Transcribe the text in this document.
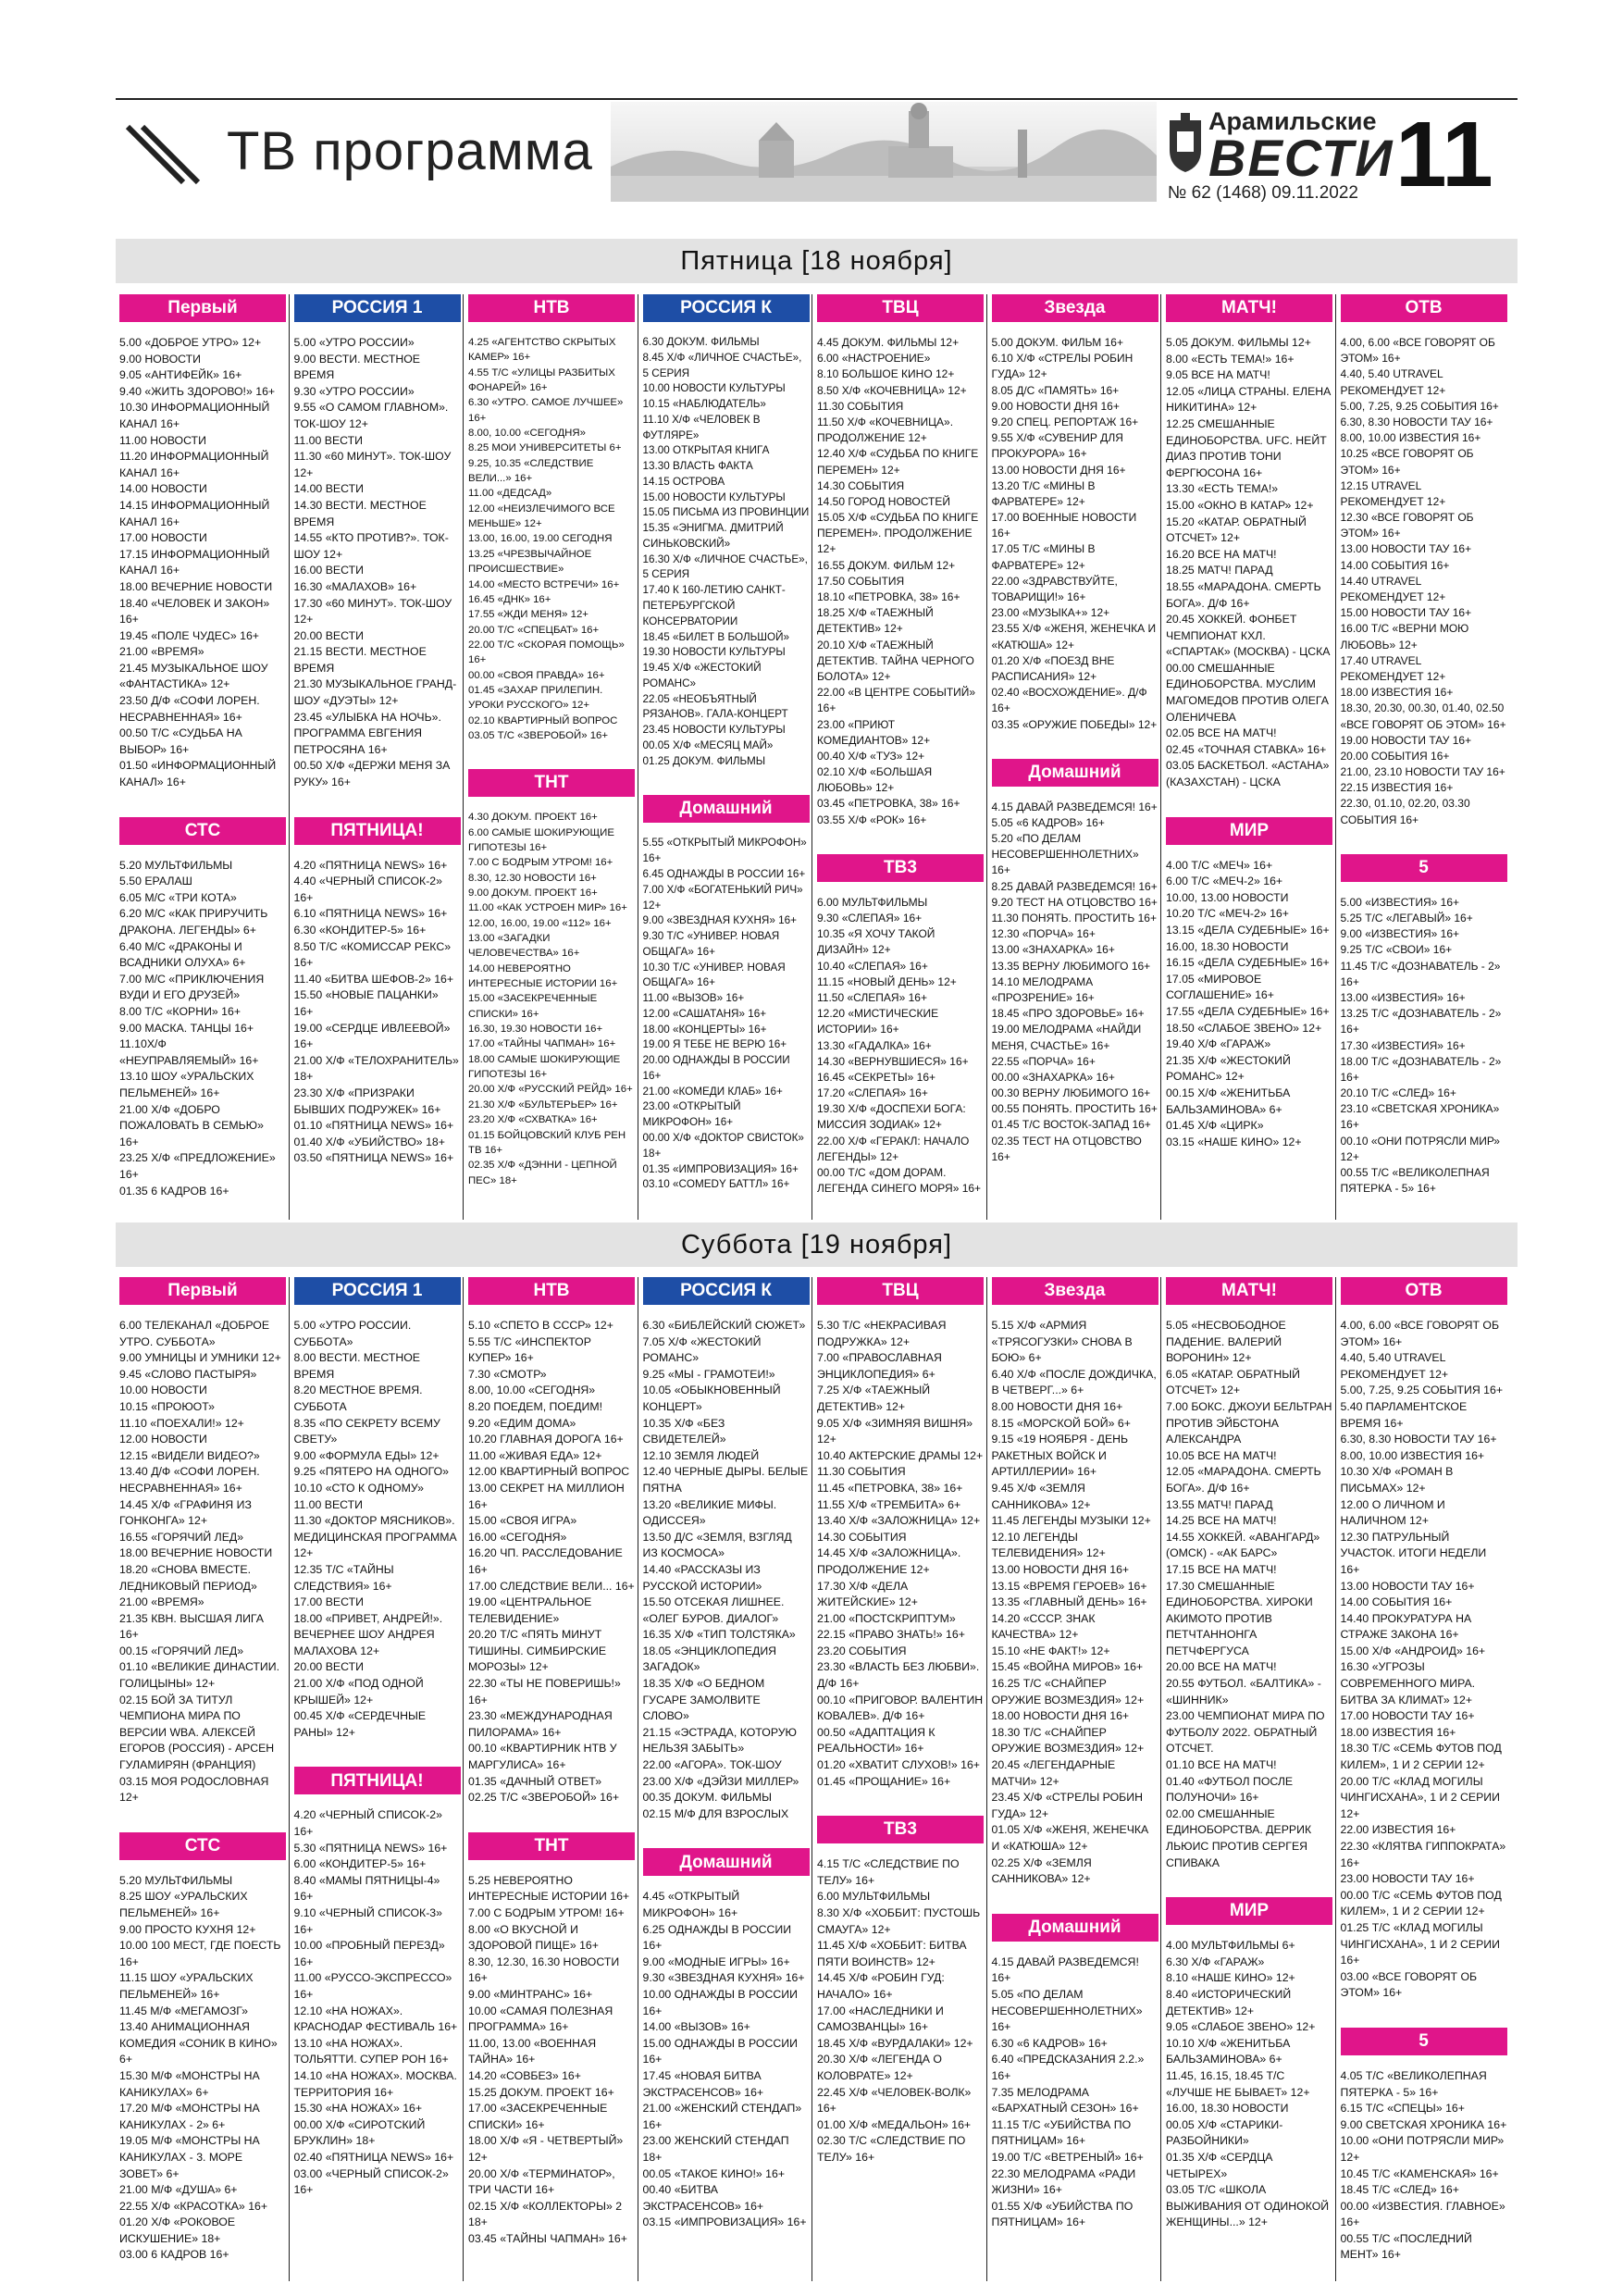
ТВ программа	Арамильские
ВЕСТИ 11
№ 62 (1468) 09.11.2022
Пятница [18 ноября]
Первый
5.00 «ДОБРОЕ УТРО» 12+
9.00 НОВОСТИ
9.05 «АНТИФЕЙК» 16+
9.40 «ЖИТЬ ЗДОРОВО!» 16+
10.30 ИНФОРМАЦИОННЫЙ КАНАЛ 16+
11.00 НОВОСТИ
11.20 ИНФОРМАЦИОННЫЙ КАНАЛ 16+
14.00 НОВОСТИ
14.15 ИНФОРМАЦИОННЫЙ КАНАЛ 16+
17.00 НОВОСТИ
17.15 ИНФОРМАЦИОННЫЙ КАНАЛ 16+
18.00 ВЕЧЕРНИЕ НОВОСТИ
18.40 «ЧЕЛОВЕК И ЗАКОН» 16+
19.45 «ПОЛЕ ЧУДЕС» 16+
21.00 «ВРЕМЯ»
21.45 МУЗЫКАЛЬНОЕ ШОУ «ФАНТАСТИКА» 12+
23.50 Д/Ф «СОФИ ЛОРЕН. НЕСРАВНЕННАЯ» 16+
00.50 Т/С «СУДЬБА НА ВЫБОР» 16+
01.50 «ИНФОРМАЦИОННЫЙ КАНАЛ» 16+
СТС
5.20 МУЛЬТФИЛЬМЫ
5.50 ЕРАЛАШ
6.05 М/С «ТРИ КОТА»
6.20 М/С «КАК ПРИРУЧИТЬ ДРАКОНА. ЛЕГЕНДЫ» 6+
6.40 М/С «ДРАКОНЫ И ВСАДНИКИ ОЛУХА» 6+
7.00 М/С «ПРИКЛЮЧЕНИЯ ВУДИ И ЕГО ДРУЗЕЙ»
8.00 Т/С «КОРНИ» 16+
9.00 МАСКА. ТАНЦЫ 16+
11.10Х/Ф «НЕУПРАВЛЯЕМЫЙ» 16+
13.10 ШОУ «УРАЛЬСКИХ ПЕЛЬМЕНЕЙ» 16+
21.00 Х/Ф «ДОБРО ПОЖАЛОВАТЬ В СЕМЬЮ» 16+
23.25 Х/Ф «ПРЕДЛОЖЕНИЕ» 16+
01.35 6 КАДРОВ 16+
РОССИЯ 1
5.00 «УТРО РОССИИ»
9.00 ВЕСТИ. МЕСТНОЕ ВРЕМЯ
9.30 «УТРО РОССИИ»
9.55 «О САМОМ ГЛАВНОМ». ТОК-ШОУ 12+
11.00 ВЕСТИ
11.30 «60 МИНУТ». ТОК-ШОУ 12+
14.00 ВЕСТИ
14.30 ВЕСТИ. МЕСТНОЕ ВРЕМЯ
14.55 «КТО ПРОТИВ?». ТОК-ШОУ 12+
16.00 ВЕСТИ
16.30 «МАЛАХОВ» 16+
17.30 «60 МИНУТ». ТОК-ШОУ 12+
20.00 ВЕСТИ
21.15 ВЕСТИ. МЕСТНОЕ ВРЕМЯ
21.30 МУЗЫКАЛЬНОЕ ГРАНД-ШОУ «ДУЭТЫ» 12+
23.45 «УЛЫБКА НА НОЧЬ». ПРОГРАММА ЕВГЕНИЯ ПЕТРОСЯНА 16+
00.50 Х/Ф «ДЕРЖИ МЕНЯ ЗА РУКУ» 16+
ПЯТНИЦА!
4.20 «ПЯТНИЦА NEWS» 16+
4.40 «ЧЕРНЫЙ СПИСОК-2» 16+
6.10 «ПЯТНИЦА NEWS» 16+
6.30 «КОНДИТЕР-5» 16+
8.50 Т/С «КОМИССАР РЕКС» 16+
11.40 «БИТВА ШЕФОВ-2» 16+
15.50 «НОВЫЕ ПАЦАНКИ» 16+
19.00 «СЕРДЦЕ ИВЛЕЕВОЙ» 16+
21.00 Х/Ф «ТЕЛОХРАНИТЕЛЬ» 18+
23.30 Х/Ф «ПРИЗРАКИ БЫВШИХ ПОДРУЖЕК» 16+
01.10 «ПЯТНИЦА NEWS» 16+
01.40 Х/Ф «УБИЙСТВО» 18+
03.50 «ПЯТНИЦА NEWS» 16+
НТВ
4.25 «АГЕНТСТВО СКРЫТЫХ КАМЕР» 16+
4.55 Т/С «УЛИЦЫ РАЗБИТЫХ ФОНАРЕЙ» 16+
6.30 «УТРО. САМОЕ ЛУЧШЕЕ» 16+
8.00, 10.00 «СЕГОДНЯ»
8.25 МОИ УНИВЕРСИТЕТЫ 6+
9.25, 10.35 «СЛЕДСТВИЕ ВЕЛИ...» 16+
11.00 «ДЕДСАД»
12.00 «НЕИЗЛЕЧИМОГО ВСЕ МЕНЬШЕ» 12+
13.00, 16.00, 19.00 СЕГОДНЯ
13.25 «ЧРЕЗВЫЧАЙНОЕ ПРОИСШЕСТВИЕ»
14.00 «МЕСТО ВСТРЕЧИ» 16+
16.45 «ДНК» 16+
17.55 «ЖДИ МЕНЯ» 12+
20.00 Т/С «СПЕЦБАТ» 16+
22.00 Т/С «СКОРАЯ ПОМОЩЬ» 16+
00.00 «СВОЯ ПРАВДА» 16+
01.45 «ЗАХАР ПРИЛЕПИН. УРОКИ РУССКОГО» 12+
02.10 КВАРТИРНЫЙ ВОПРОС
03.05 Т/С «ЗВЕРОБОЙ» 16+
ТНТ
4.30 ДОКУМ. ПРОЕКТ 16+
6.00 САМЫЕ ШОКИРУЮЩИЕ ГИПОТЕЗЫ 16+
7.00 С БОДРЫМ УТРОМ! 16+
8.30, 12.30 НОВОСТИ 16+
9.00 ДОКУМ. ПРОЕКТ 16+
11.00 «КАК УСТРОЕН МИР» 16+
12.00, 16.00, 19.00 «112» 16+
13.00 «ЗАГАДКИ ЧЕЛОВЕЧЕСТВА» 16+
14.00 НЕВЕРОЯТНО ИНТЕРЕСНЫЕ ИСТОРИИ 16+
15.00 «ЗАСЕКРЕЧЕННЫЕ СПИСКИ» 16+
16.30, 19.30 НОВОСТИ 16+
17.00 «ТАЙНЫ ЧАПМАН» 16+
18.00 САМЫЕ ШОКИРУЮЩИЕ ГИПОТЕЗЫ 16+
20.00 Х/Ф «РУССКИЙ РЕЙД» 16+
21.30 Х/Ф «БУЛЬТЕРЬЕР» 16+
23.20 Х/Ф «СХВАТКА» 16+
01.15 БОЙЦОВСКИЙ КЛУБ РЕН ТВ 16+
02.35 Х/Ф «ДЭННИ - ЦЕПНОЙ ПЕС» 18+
РОССИЯ К
6.30 ДОКУМ. ФИЛЬМЫ
8.45 Х/Ф «ЛИЧНОЕ СЧАСТЬЕ», 5 СЕРИЯ
10.00 НОВОСТИ КУЛЬТУРЫ
10.15 «НАБЛЮДАТЕЛЬ»
11.10 Х/Ф «ЧЕЛОВЕК В ФУТЛЯРЕ»
13.00 ОТКРЫТАЯ КНИГА
13.30 ВЛАСТЬ ФАКТА
14.15 ОСТРОВА
15.00 НОВОСТИ КУЛЬТУРЫ
15.05 ПИСЬМА ИЗ ПРОВИНЦИИ
15.35 «ЭНИГМА. ДМИТРИЙ СИНЬКОВСКИЙ»
16.30 Х/Ф «ЛИЧНОЕ СЧАСТЬЕ», 5 СЕРИЯ
17.40 К 160-ЛЕТИЮ САНКТ-ПЕТЕРБУРГСКОЙ КОНСЕРВАТОРИИ
18.45 «БИЛЕТ В БОЛЬШОЙ»
19.30 НОВОСТИ КУЛЬТУРЫ
19.45 Х/Ф «ЖЕСТОКИЙ РОМАНС»
22.05 «НЕОБЪЯТНЫЙ РЯЗАНОВ». ГАЛА-КОНЦЕРТ
23.45 НОВОСТИ КУЛЬТУРЫ
00.05 Х/Ф «МЕСЯЦ МАЙ»
01.25 ДОКУМ. ФИЛЬМЫ
Домашний
5.55 «ОТКРЫТЫЙ МИКРОФОН» 16+
6.45 ОДНАЖДЫ В РОССИИ 16+
7.00 Х/Ф «БОГАТЕНЬКИЙ РИЧ» 12+
9.00 «ЗВЕЗДНАЯ КУХНЯ» 16+
9.30 Т/С «УНИВЕР. НОВАЯ ОБЩАГА» 16+
10.30 Т/С «УНИВЕР. НОВАЯ ОБЩАГА» 16+
11.00 «ВЫЗОВ» 16+
12.00 «САШАТАНЯ» 16+
18.00 «КОНЦЕРТЫ» 16+
19.00 Я ТЕБЕ НЕ ВЕРЮ 16+
20.00 ОДНАЖДЫ В РОССИИ 16+
21.00 «КОМЕДИ КЛАБ» 16+
23.00 «ОТКРЫТЫЙ МИКРОФОН» 16+
00.00 Х/Ф «ДОКТОР СВИСТОК» 18+
01.35 «ИМПРОВИЗАЦИЯ» 16+
03.10 «COMEDY БАТТЛ» 16+
ТВЦ
4.45 ДОКУМ. ФИЛЬМЫ 12+
6.00 «НАСТРОЕНИЕ»
8.10 БОЛЬШОЕ КИНО 12+
8.50 Х/Ф «КОЧЕВНИЦА» 12+
11.30 СОБЫТИЯ
11.50 Х/Ф «КОЧЕВНИЦА». ПРОДОЛЖЕНИЕ 12+
12.40 Х/Ф «СУДЬБА ПО КНИГЕ ПЕРЕМЕН» 12+
14.30 СОБЫТИЯ
14.50 ГОРОД НОВОСТЕЙ
15.05 Х/Ф «СУДЬБА ПО КНИГЕ ПЕРЕМЕН». ПРОДОЛЖЕНИЕ 12+
16.55 ДОКУМ. ФИЛЬМ 12+
17.50 СОБЫТИЯ
18.10 «ПЕТРОВКА, 38» 16+
18.25 Х/Ф «ТАЕЖНЫЙ ДЕТЕКТИВ» 12+
20.10 Х/Ф «ТАЕЖНЫЙ ДЕТЕКТИВ. ТАЙНА ЧЕРНОГО БОЛОТА» 12+
22.00 «В ЦЕНТРЕ СОБЫТИЙ» 16+
23.00 «ПРИЮТ КОМЕДИАНТОВ» 12+
00.40 Х/Ф «ТУЗ» 12+
02.10 Х/Ф «БОЛЬШАЯ ЛЮБОВЬ» 12+
03.45 «ПЕТРОВКА, 38» 16+
03.55 Х/Ф «РОК» 16+
ТВ3
6.00 МУЛЬТФИЛЬМЫ
9.30 «СЛЕПАЯ» 16+
10.35 «Я ХОЧУ ТАКОЙ ДИЗАЙН» 12+
10.40 «СЛЕПАЯ» 16+
11.15 «НОВЫЙ ДЕНЬ» 12+
11.50 «СЛЕПАЯ» 16+
12.20 «МИСТИЧЕСКИЕ ИСТОРИИ» 16+
13.30 «ГАДАЛКА» 16+
14.30 «ВЕРНУВШИЕСЯ» 16+
16.45 «СЕКРЕТЫ» 16+
17.20 «СЛЕПАЯ» 16+
19.30 Х/Ф «ДОСПЕХИ БОГА: МИССИЯ ЗОДИАК» 12+
22.00 Х/Ф «ГЕРАКЛ: НАЧАЛО ЛЕГЕНДЫ» 12+
00.00 Т/С «ДОМ ДОРАМ. ЛЕГЕНДА СИНЕГО МОРЯ» 16+
Звезда
5.00 ДОКУМ. ФИЛЬМ 16+
6.10 Х/Ф «СТРЕЛЫ РОБИН ГУДА» 12+
8.05 Д/С «ПАМЯТЬ» 16+
9.00 НОВОСТИ ДНЯ 16+
9.20 СПЕЦ. РЕПОРТАЖ 16+
9.55 Х/Ф «СУВЕНИР ДЛЯ ПРОКУРОРА» 16+
13.00 НОВОСТИ ДНЯ 16+
13.20 Т/С «МИНЫ В ФАРВАТЕРЕ» 12+
17.00 ВОЕННЫЕ НОВОСТИ 16+
17.05 Т/С «МИНЫ В ФАРВАТЕРЕ» 12+
22.00 «ЗДРАВСТВУЙТЕ, ТОВАРИЩИ!» 16+
23.00 «МУЗЫКА+» 12+
23.55 Х/Ф «ЖЕНЯ, ЖЕНЕЧКА И «КАТЮША» 12+
01.20 Х/Ф «ПОЕЗД ВНЕ РАСПИСАНИЯ» 12+
02.40 «ВОСХОЖДЕНИЕ». Д/Ф 16+
03.35 «ОРУЖИЕ ПОБЕДЫ» 12+
Домашний
4.15 ДАВАЙ РАЗВЕДЕМСЯ! 16+
5.05 «6 КАДРОВ» 16+
5.20 «ПО ДЕЛАМ НЕСОВЕРШЕННОЛЕТНИХ» 16+
8.25 ДАВАЙ РАЗВЕДЕМСЯ! 16+
9.20 ТЕСТ НА ОТЦОВСТВО 16+
11.30 ПОНЯТЬ. ПРОСТИТЬ 16+
12.30 «ПОРЧА» 16+
13.00 «ЗНАХАРКА» 16+
13.35 ВЕРНУ ЛЮБИМОГО 16+
14.10 МЕЛОДРАМА «ПРОЗРЕНИЕ» 16+
18.45 «ПРО ЗДОРОВЬЕ» 16+
19.00 МЕЛОДРАМА «НАЙДИ МЕНЯ, СЧАСТЬЕ» 16+
22.55 «ПОРЧА» 16+
00.00 «ЗНАХАРКА» 16+
00.30 ВЕРНУ ЛЮБИМОГО 16+
00.55 ПОНЯТЬ. ПРОСТИТЬ 16+
01.45 Т/С ВОСТОК-ЗАПАД 16+
02.35 ТЕСТ НА ОТЦОВСТВО 16+
МАТЧ!
5.05 ДОКУМ. ФИЛЬМЫ 12+
8.00 «ЕСТЬ ТЕМА!» 16+
9.05 ВСЕ НА МАТЧ!
12.05 «ЛИЦА СТРАНЫ. ЕЛЕНА НИКИТИНА» 12+
12.25 СМЕШАННЫЕ ЕДИНОБОРСТВА. UFC. НЕЙТ ДИАЗ ПРОТИВ ТОНИ ФЕРГЮСОНА 16+
13.30 «ЕСТЬ ТЕМА!»
15.00 «ОКНО В КАТАР» 12+
15.20 «КАТАР. ОБРАТНЫЙ ОТСЧЕТ» 12+
16.20 ВСЕ НА МАТЧ!
18.25 МАТЧ! ПАРАД
18.55 «МАРАДОНА. СМЕРТЬ БОГА». Д/Ф 16+
20.45 ХОККЕЙ. ФОНБЕТ ЧЕМПИОНАТ КХЛ. «СПАРТАК» (МОСКВА) - ЦСКА
00.00 СМЕШАННЫЕ ЕДИНОБОРСТВА. МУСЛИМ МАГОМЕДОВ ПРОТИВ ОЛЕГА ОЛЕНИЧЕВА
02.05 ВСЕ НА МАТЧ!
02.45 «ТОЧНАЯ СТАВКА» 16+
03.05 БАСКЕТБОЛ. «АСТАНА» (КАЗАХСТАН) - ЦСКА
МИР
4.00 Т/С «МЕЧ» 16+
6.00 Т/С «МЕЧ-2» 16+
10.00, 13.00 НОВОСТИ
10.20 Т/С «МЕЧ-2» 16+
13.15 «ДЕЛА СУДЕБНЫЕ» 16+
16.00, 18.30 НОВОСТИ
16.15 «ДЕЛА СУДЕБНЫЕ» 16+
17.05 «МИРОВОЕ СОГЛАШЕНИЕ» 16+
17.55 «ДЕЛА СУДЕБНЫЕ» 16+
18.50 «СЛАБОЕ ЗВЕНО» 12+
19.40 Х/Ф «ГАРАЖ»
21.35 Х/Ф «ЖЕСТОКИЙ РОМАНС» 12+
00.15 Х/Ф «ЖЕНИТЬБА БАЛЬЗАМИНОВА» 6+
01.45 Х/Ф «ЦИРК»
03.15 «НАШЕ КИНО» 12+
ОТВ
4.00, 6.00 «ВСЕ ГОВОРЯТ ОБ ЭТОМ» 16+
4.40, 5.40 UTRAVEL РЕКОМЕНДУЕТ 12+
5.00, 7.25, 9.25 СОБЫТИЯ 16+
6.30, 8.30 НОВОСТИ ТАУ 16+
8.00, 10.00 ИЗВЕСТИЯ 16+
10.25 «ВСЕ ГОВОРЯТ ОБ ЭТОМ» 16+
12.15 UTRAVEL РЕКОМЕНДУЕТ 12+
12.30 «ВСЕ ГОВОРЯТ ОБ ЭТОМ» 16+
13.00 НОВОСТИ ТАУ 16+
14.00 СОБЫТИЯ 16+
14.40 UTRAVEL РЕКОМЕНДУЕТ 12+
15.00 НОВОСТИ ТАУ 16+
16.00 Т/С «ВЕРНИ МОЮ ЛЮБОВЬ» 12+
17.40 UTRAVEL РЕКОМЕНДУЕТ 12+
18.00 ИЗВЕСТИЯ 16+
18.30, 20.30, 00.30, 01.40, 02.50 «ВСЕ ГОВОРЯТ ОБ ЭТОМ» 16+
19.00 НОВОСТИ ТАУ 16+
20.00 СОБЫТИЯ 16+
21.00, 23.10 НОВОСТИ ТАУ 16+
22.15 ИЗВЕСТИЯ 16+
22.30, 01.10, 02.20, 03.30 СОБЫТИЯ 16+
5
5.00 «ИЗВЕСТИЯ» 16+
5.25 Т/С «ЛЕГАВЫЙ» 16+
9.00 «ИЗВЕСТИЯ» 16+
9.25 Т/С «СВОИ» 16+
11.45 Т/С «ДОЗНАВАТЕЛЬ - 2» 16+
13.00 «ИЗВЕСТИЯ» 16+
13.25 Т/С «ДОЗНАВАТЕЛЬ - 2» 16+
17.30 «ИЗВЕСТИЯ» 16+
18.00 Т/С «ДОЗНАВАТЕЛЬ - 2» 16+
20.10 Т/С «СЛЕД» 16+
23.10 «СВЕТСКАЯ ХРОНИКА» 16+
00.10 «ОНИ ПОТРЯСЛИ МИР» 12+
00.55 Т/С «ВЕЛИКОЛЕПНАЯ ПЯТЕРКА - 5» 16+
Суббота [19 ноября]
Первый
6.00 ТЕЛЕКАНАЛ «ДОБРОЕ УТРО. СУББОТА»
9.00 УМНИЦЫ И УМНИКИ 12+
9.45 «СЛОВО ПАСТЫРЯ»
10.00 НОВОСТИ
10.15 «ПРОЮОТ»
11.10 «ПОЕХАЛИ!» 12+
12.00 НОВОСТИ
12.15 «ВИДЕЛИ ВИДЕО?»
13.40 Д/Ф «СОФИ ЛОРЕН. НЕСРАВНЕННАЯ» 16+
14.45 Х/Ф «ГРАФИНЯ ИЗ ГОНКОНГА» 12+
16.55 «ГОРЯЧИЙ ЛЕД»
18.00 ВЕЧЕРНИЕ НОВОСТИ
18.20 «СНОВА ВМЕСТЕ. ЛЕДНИКОВЫЙ ПЕРИОД»
21.00 «ВРЕМЯ»
21.35 КВН. ВЫСШАЯ ЛИГА 16+
00.15 «ГОРЯЧИЙ ЛЕД»
01.10 «ВЕЛИКИЕ ДИНАСТИИ. ГОЛИЦЫНЫ» 12+
02.15 БОЙ ЗА ТИТУЛ ЧЕМПИОНА МИРА ПО ВЕРСИИ WBA. АЛЕКСЕЙ ЕГОРОВ (РОССИЯ) - АРСЕН ГУЛАМИРЯН (ФРАНЦИЯ)
03.15 МОЯ РОДОСЛОВНАЯ 12+
СТС
5.20 МУЛЬТФИЛЬМЫ
8.25 ШОУ «УРАЛЬСКИХ ПЕЛЬМЕНЕЙ» 16+
9.00 ПРОСТО КУХНЯ 12+
10.00 100 МЕСТ, ГДЕ ПОЕСТЬ 16+
11.15 ШОУ «УРАЛЬСКИХ ПЕЛЬМЕНЕЙ» 16+
11.45 М/Ф «МЕГАМОЗГ»
13.40 АНИМАЦИОННАЯ КОМЕДИЯ «СОНИК В КИНО» 6+
15.30 М/Ф «МОНСТРЫ НА КАНИКУЛАХ» 6+
17.20 М/Ф «МОНСТРЫ НА КАНИКУЛАХ - 2» 6+
19.05 М/Ф «МОНСТРЫ НА КАНИКУЛАХ - 3. МОРЕ ЗОВЕТ» 6+
21.00 М/Ф «ДУША» 6+
22.55 Х/Ф «КРАСОТКА» 16+
01.20 Х/Ф «РОКОВОЕ ИСКУШЕНИЕ» 18+
03.00 6 КАДРОВ 16+
РОССИЯ 1
5.00 «УТРО РОССИИ. СУББОТА»
8.00 ВЕСТИ. МЕСТНОЕ ВРЕМЯ
8.20 МЕСТНОЕ ВРЕМЯ. СУББОТА
8.35 «ПО СЕКРЕТУ ВСЕМУ СВЕТУ»
9.00 «ФОРМУЛА ЕДЫ» 12+
9.25 «ПЯТЕРО НА ОДНОГО»
10.10 «СТО К ОДНОМУ»
11.00 ВЕСТИ
11.30 «ДОКТОР МЯСНИКОВ». МЕДИЦИНСКАЯ ПРОГРАММА 12+
12.35 Т/С «ТАЙНЫ СЛЕДСТВИЯ» 16+
17.00 ВЕСТИ
18.00 «ПРИВЕТ, АНДРЕЙ!». ВЕЧЕРНЕЕ ШОУ АНДРЕЯ МАЛАХОВА 12+
20.00 ВЕСТИ
21.00 Х/Ф «ПОД ОДНОЙ КРЫШЕЙ» 12+
00.45 Х/Ф «СЕРДЕЧНЫЕ РАНЫ» 12+
ПЯТНИЦА!
4.20 «ЧЕРНЫЙ СПИСОК-2» 16+
5.30 «ПЯТНИЦА NEWS» 16+
6.00 «КОНДИТЕР-5» 16+
8.40 «МАМЫ ПЯТНИЦЫ-4» 16+
9.10 «ЧЕРНЫЙ СПИСОК-3» 16+
10.00 «ПРОБНЫЙ ПЕРЕЗД» 16+
11.00 «РУССО-ЭКСПРЕССО» 16+
12.10 «НА НОЖАХ». КРАСНОДАР ФЕСТИВАЛЬ 16+
13.10 «НА НОЖАХ». ТОЛЬЯТТИ. СУПЕР РОН 16+
14.10 «НА НОЖАХ». МОСКВА. ТЕРРИТОРИЯ 16+
15.30 «НА НОЖАХ» 16+
00.00 Х/Ф «СИРОТСКИЙ БРУКЛИН» 18+
02.40 «ПЯТНИЦА NEWS» 16+
03.00 «ЧЕРНЫЙ СПИСОК-2» 16+
НТВ
5.10 «СПЕТО В СССР» 12+
5.55 Т/С «ИНСПЕКТОР КУПЕР» 16+
7.30 «СМОТР»
8.00, 10.00 «СЕГОДНЯ»
8.20 ПОЕДЕМ, ПОЕДИМ!
9.20 «ЕДИМ ДОМА»
10.20 ГЛАВНАЯ ДОРОГА 16+
11.00 «ЖИВАЯ ЕДА» 12+
12.00 КВАРТИРНЫЙ ВОПРОС
13.00 СЕКРЕТ НА МИЛЛИОН 16+
15.00 «СВОЯ ИГРА»
16.00 «СЕГОДНЯ»
16.20 ЧП. РАССЛЕДОВАНИЕ 16+
17.00 СЛЕДСТВИЕ ВЕЛИ... 16+
19.00 «ЦЕНТРАЛЬНОЕ ТЕЛЕВИДЕНИЕ»
20.20 Т/С «ПЯТЬ МИНУТ ТИШИНЫ. СИМБИРСКИЕ МОРОЗЫ» 12+
22.30 «ТЫ НЕ ПОВЕРИШЬ!» 16+
23.30 «МЕЖДУНАРОДНАЯ ПИЛОРАМА» 16+
00.10 «КВАРТИРНИК НТВ У МАРГУЛИСА» 16+
01.35 «ДАЧНЫЙ ОТВЕТ»
02.25 Т/С «ЗВЕРОБОЙ» 16+
ТНТ
5.25 НЕВЕРОЯТНО ИНТЕРЕСНЫЕ ИСТОРИИ 16+
7.00 С БОДРЫМ УТРОМ! 16+
8.00 «О ВКУСНОЙ И ЗДОРОВОЙ ПИЩЕ» 16+
8.30, 12.30, 16.30 НОВОСТИ 16+
9.00 «МИНТРАНС» 16+
10.00 «САМАЯ ПОЛЕЗНАЯ ПРОГРАММА» 16+
11.00, 13.00 «ВОЕННАЯ ТАЙНА» 16+
14.20 «СОВБЕЗ» 16+
15.25 ДОКУМ. ПРОЕКТ 16+
17.00 «ЗАСЕКРЕЧЕННЫЕ СПИСКИ» 16+
18.00 Х/Ф «Я - ЧЕТВЕРТЫЙ» 12+
20.00 Х/Ф «ТЕРМИНАТОР», ТРИ ЧАСТИ 16+
02.15 Х/Ф «КОЛЛЕКТОРЫ» 2 18+
03.45 «ТАЙНЫ ЧАПМАН» 16+
РОССИЯ К
6.30 «БИБЛЕЙСКИЙ СЮЖЕТ»
7.05 Х/Ф «ЖЕСТОКИЙ РОМАНС»
9.25 «МЫ - ГРАМОТЕИ!»
10.05 «ОБЫКНОВЕННЫЙ КОНЦЕРТ»
10.35 Х/Ф «БЕЗ СВИДЕТЕЛЕЙ»
12.10 ЗЕМЛЯ ЛЮДЕЙ
12.40 ЧЕРНЫЕ ДЫРЫ. БЕЛЫЕ ПЯТНА
13.20 «ВЕЛИКИЕ МИФЫ. ОДИССЕЯ»
13.50 Д/С «ЗЕМЛЯ, ВЗГЛЯД ИЗ КОСМОСА»
14.40 «РАССКАЗЫ ИЗ РУССКОЙ ИСТОРИИ»
15.50 ОТСЕКАЯ ЛИШНЕЕ. «ОЛЕГ БУРОВ. ДИАЛОГ»
16.35 Х/Ф «ТИП ТОЛСТЯКА»
18.05 «ЭНЦИКЛОПЕДИЯ ЗАГАДОК»
18.35 Х/Ф «О БЕДНОМ ГУСАРЕ ЗАМОЛВИТЕ СЛОВО»
21.15 «ЭСТРАДА, КОТОРУЮ НЕЛЬЗЯ ЗАБЫТЬ»
22.00 «АГОРА». ТОК-ШОУ
23.00 Х/Ф «ДЭЙЗИ МИЛЛЕР»
00.35 ДОКУМ. ФИЛЬМЫ
02.15 М/Ф ДЛЯ ВЗРОСЛЫХ
Домашний
4.45 «ОТКРЫТЫЙ МИКРОФОН» 16+
6.25 ОДНАЖДЫ В РОССИИ 16+
9.00 «МОДНЫЕ ИГРЫ» 16+
9.30 «ЗВЕЗДНАЯ КУХНЯ» 16+
10.00 ОДНАЖДЫ В РОССИИ 16+
14.00 «ВЫЗОВ» 16+
15.00 ОДНАЖДЫ В РОССИИ 16+
17.45 «НОВАЯ БИТВА ЭКСТРАСЕНСОВ» 16+
21.00 «ЖЕНСКИЙ СТЕНДАП» 16+
23.00 ЖЕНСКИЙ СТЕНДАП 18+
00.05 «ТАКОЕ КИНО!» 16+
00.40 «БИТВА ЭКСТРАСЕНСОВ» 16+
03.15 «ИМПРОВИЗАЦИЯ» 16+
ТВЦ
5.30 Т/С «НЕКРАСИВАЯ ПОДРУЖКА» 12+
7.00 «ПРАВОСЛАВНАЯ ЭНЦИКЛОПЕДИЯ» 6+
7.25 Х/Ф «ТАЕЖНЫЙ ДЕТЕКТИВ» 12+
9.05 Х/Ф «ЗИМНЯЯ ВИШНЯ» 12+
10.40 АКТЕРСКИЕ ДРАМЫ 12+
11.30 СОБЫТИЯ
11.45 «ПЕТРОВКА, 38» 16+
11.55 Х/Ф «ТРЕМБИТА» 6+
13.40 Х/Ф «ЗАЛОЖНИЦА» 12+
14.30 СОБЫТИЯ
14.45 Х/Ф «ЗАЛОЖНИЦА». ПРОДОЛЖЕНИЕ 12+
17.30 Х/Ф «ДЕЛА ЖИТЕЙСКИЕ» 12+
21.00 «ПОСТСКРИПТУМ»
22.15 «ПРАВО ЗНАТЬ!» 16+
23.20 СОБЫТИЯ
23.30 «ВЛАСТЬ БЕЗ ЛЮБВИ». Д/Ф 16+
00.10 «ПРИГОВОР. ВАЛЕНТИН КОВАЛЕВ». Д/Ф 16+
00.50 «АДАПТАЦИЯ К РЕАЛЬНОСТИ» 16+
01.20 «ХВАТИТ СЛУХОВ!» 16+
01.45 «ПРОЩАНИЕ» 16+
ТВ3
4.15 Т/С «СЛЕДСТВИЕ ПО ТЕЛУ» 16+
6.00 МУЛЬТФИЛЬМЫ
8.30 Х/Ф «ХОББИТ: ПУСТОШЬ СМАУГА» 12+
11.45 Х/Ф «ХОББИТ: БИТВА ПЯТИ ВОИНСТВ» 12+
14.45 Х/Ф «РОБИН ГУД: НАЧАЛО» 16+
17.00 «НАСЛЕДНИКИ И САМОЗВАНЦЫ» 16+
18.45 Х/Ф «ВУРДАЛАКИ» 12+
20.30 Х/Ф «ЛЕГЕНДА О КОЛОВРАТЕ» 12+
22.45 Х/Ф «ЧЕЛОВЕК-ВОЛК» 16+
01.00 Х/Ф «МЕДАЛЬОН» 16+
02.30 Т/С «СЛЕДСТВИЕ ПО ТЕЛУ» 16+
Звезда
5.15 Х/Ф «АРМИЯ «ТРЯСОГУЗКИ» СНОВА В БОЮ» 6+
6.40 Х/Ф «ПОСЛЕ ДОЖДИЧКА, В ЧЕТВЕРГ...» 6+
8.00 НОВОСТИ ДНЯ 16+
8.15 «МОРСКОЙ БОЙ» 6+
9.15 «19 НОЯБРЯ - ДЕНЬ РАКЕТНЫХ ВОЙСК И АРТИЛЛЕРИИ» 16+
9.45 Х/Ф «ЗЕМЛЯ САННИКОВА» 12+
11.45 ЛЕГЕНДЫ МУЗЫКИ 12+
12.10 ЛЕГЕНДЫ ТЕЛЕВИДЕНИЯ» 12+
13.00 НОВОСТИ ДНЯ 16+
13.15 «ВРЕМЯ ГЕРОЕВ» 16+
13.35 «ГЛАВНЫЙ ДЕНЬ» 16+
14.20 «СССР. ЗНАК КАЧЕСТВА» 12+
15.10 «НЕ ФАКТ!» 12+
15.45 «ВОЙНА МИРОВ» 16+
16.25 Т/С «СНАЙПЕР ОРУЖИЕ ВОЗМЕЗДИЯ» 12+
18.00 НОВОСТИ ДНЯ 16+
18.30 Т/С «СНАЙПЕР ОРУЖИЕ ВОЗМЕЗДИЯ» 12+
20.45 «ЛЕГЕНДАРНЫЕ МАТЧИ» 12+
23.45 Х/Ф «СТРЕЛЫ РОБИН ГУДА» 12+
01.05 Х/Ф «ЖЕНЯ, ЖЕНЕЧКА И «КАТЮША» 12+
02.25 Х/Ф «ЗЕМЛЯ САННИКОВА» 12+
Домашний
4.15 ДАВАЙ РАЗВЕДЕМСЯ! 16+
5.05 «ПО ДЕЛАМ НЕСОВЕРШЕННОЛЕТНИХ» 16+
6.30 «6 КАДРОВ» 16+
6.40 «ПРЕДСКАЗАНИЯ 2.2.» 16+
7.35 МЕЛОДРАМА «БАРХАТНЫЙ СЕЗОН» 16+
11.15 Т/С «УБИЙСТВА ПО ПЯТНИЦАМ» 16+
19.00 Т/С «ВЕТРЕНЫЙ» 16+
22.30 МЕЛОДРАМА «РАДИ ЖИЗНИ» 16+
01.55 Х/Ф «УБИЙСТВА ПО ПЯТНИЦАМ» 16+
МАТЧ!
5.05 «НЕСВОБОДНОЕ ПАДЕНИЕ. ВАЛЕРИЙ ВОРОНИН» 12+
6.05 «КАТАР. ОБРАТНЫЙ ОТСЧЕТ» 12+
7.00 БОКС. ДЖОУИ БЕЛЬТРАН ПРОТИВ ЭЙБСТОНА АЛЕКСАНДРА
10.05 ВСЕ НА МАТЧ!
12.05 «МАРАДОНА. СМЕРТЬ БОГА». Д/Ф 16+
13.55 МАТЧ! ПАРАД
14.25 ВСЕ НА МАТЧ!
14.55 ХОККЕЙ. «АВАНГАРД» (ОМСК) - «АК БАРС»
17.15 ВСЕ НА МАТЧ!
17.30 СМЕШАННЫЕ ЕДИНОБОРСТВА. ХИРОКИ АКИМОТО ПРОТИВ ПЕТЧТАННОНГА ПЕТЧФЕРГУСА
20.00 ВСЕ НА МАТЧ!
20.55 ФУТБОЛ. «БАЛТИКА» - «ШИННИК»
23.00 ЧЕМПИОНАТ МИРА ПО ФУТБОЛУ 2022. ОБРАТНЫЙ ОТСЧЕТ.
01.10 ВСЕ НА МАТЧ!
01.40 «ФУТБОЛ ПОСЛЕ ПОЛУНОЧИ» 16+
02.00 СМЕШАННЫЕ ЕДИНОБОРСТВА. ДЕРРИК ЛЬЮИС ПРОТИВ СЕРГЕЯ СПИВАКА
МИР
4.00 МУЛЬТФИЛЬМЫ 6+
6.30 Х/Ф «ГАРАЖ»
8.10 «НАШЕ КИНО» 12+
8.40 «ИСТОРИЧЕСКИЙ ДЕТЕКТИВ» 12+
9.05 «СЛАБОЕ ЗВЕНО» 12+
10.10 Х/Ф «ЖЕНИТЬБА БАЛЬЗАМИНОВА» 6+
11.45, 16.15, 18.45 Т/С «ЛУЧШЕ НЕ БЫВАЕТ» 12+
16.00, 18.30 НОВОСТИ
00.05 Х/Ф «СТАРИКИ-РАЗБОЙНИКИ»
01.35 Х/Ф «СЕРДЦА ЧЕТЫРЕХ»
03.05 Т/С «ШКОЛА ВЫЖИВАНИЯ ОТ ОДИНОКОЙ ЖЕНЩИНЫ...» 12+
ОТВ
4.00, 6.00 «ВСЕ ГОВОРЯТ ОБ ЭТОМ» 16+
4.40, 5.40 UTRAVEL РЕКОМЕНДУЕТ 12+
5.00, 7.25, 9.25 СОБЫТИЯ 16+
5.40 ПАРЛАМЕНТСКОЕ ВРЕМЯ 16+
6.30, 8.30 НОВОСТИ ТАУ 16+
8.00, 10.00 ИЗВЕСТИЯ 16+
10.30 Х/Ф «РОМАН В ПИСЬМАХ» 12+
12.00 О ЛИЧНОМ И НАЛИЧНОМ 12+
12.30 ПАТРУЛЬНЫЙ УЧАСТОК. ИТОГИ НЕДЕЛИ 16+
13.00 НОВОСТИ ТАУ 16+
14.00 СОБЫТИЯ 16+
14.40 ПРОКУРАТУРА НА СТРАЖЕ ЗАКОНА 16+
15.00 Х/Ф «АНДРОИД» 16+
16.30 «УГРОЗЫ СОВРЕМЕННОГО МИРА. БИТВА ЗА КЛИМАТ» 12+
17.00 НОВОСТИ ТАУ 16+
18.00 ИЗВЕСТИЯ 16+
18.30 Т/С «СЕМЬ ФУТОВ ПОД КИЛЕМ», 1 И 2 СЕРИИ 12+
20.00 Т/С «КЛАД МОГИЛЫ ЧИНГИСХАНА», 1 И 2 СЕРИИ 12+
22.00 ИЗВЕСТИЯ 16+
22.30 «КЛЯТВА ГИППОКРАТА» 16+
23.00 НОВОСТИ ТАУ 16+
00.00 Т/С «СЕМЬ ФУТОВ ПОД КИЛЕМ», 1 И 2 СЕРИИ 12+
01.25 Т/С «КЛАД МОГИЛЫ ЧИНГИСХАНА», 1 И 2 СЕРИИ 16+
03.00 «ВСЕ ГОВОРЯТ ОБ ЭТОМ» 16+
5
4.05 Т/С «ВЕЛИКОЛЕПНАЯ ПЯТЕРКА - 5» 16+
6.15 Т/С «СПЕЦЫ» 16+
9.00 СВЕТСКАЯ ХРОНИКА 16+
10.00 «ОНИ ПОТРЯСЛИ МИР» 12+
10.45 Т/С «КАМЕНСКАЯ» 16+
18.45 Т/С «СЛЕД» 16+
00.00 «ИЗВЕСТИЯ. ГЛАВНОЕ» 16+
00.55 Т/С «ПОСЛЕДНИЙ МЕНТ» 16+
